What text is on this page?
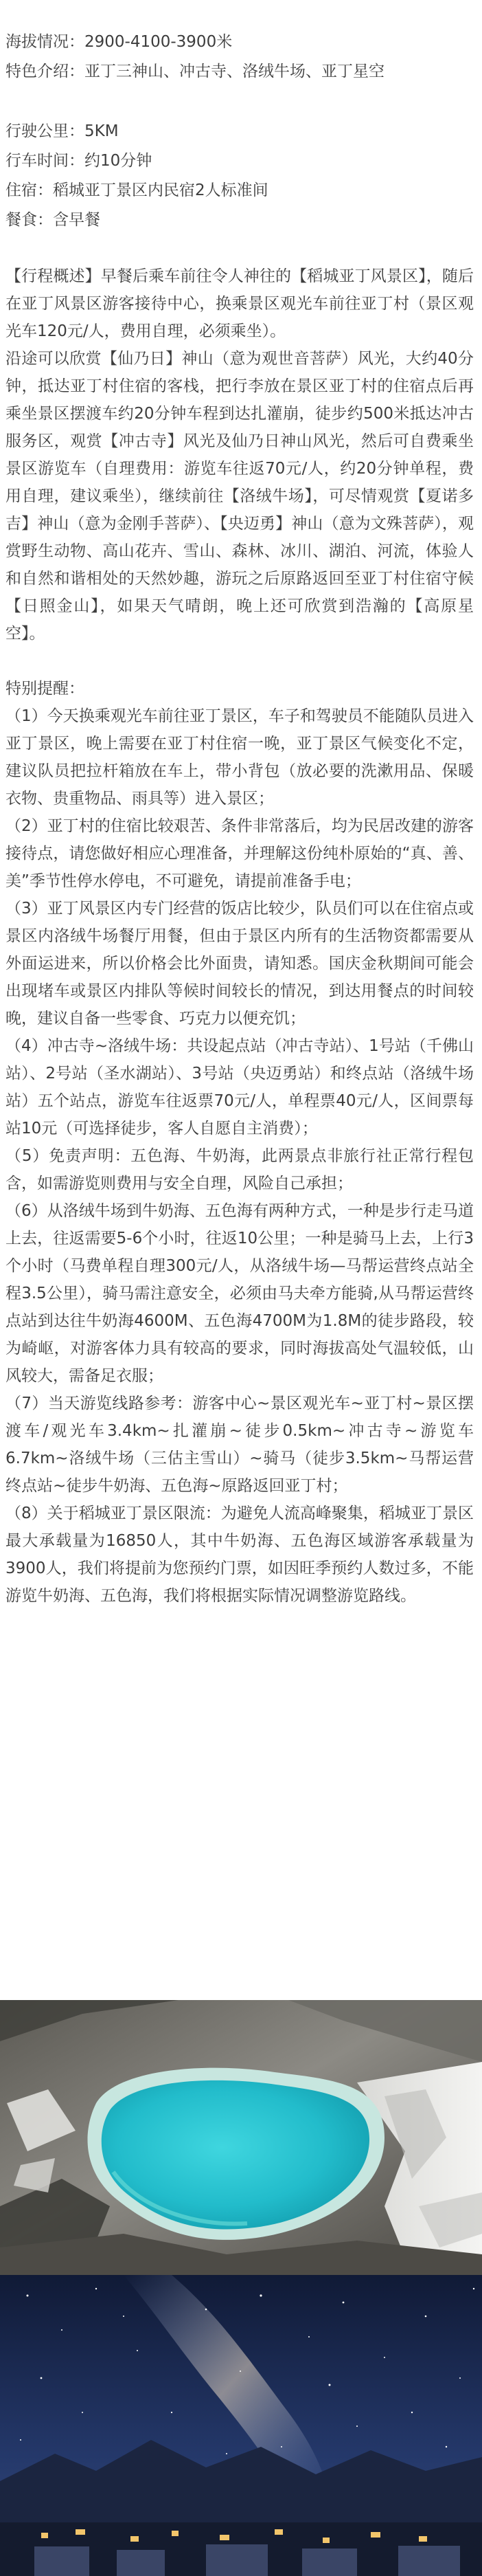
海拔情况：2900-4100-3900米

特色介绍：亚丁三神山、冲古寺、洛绒牛场、亚丁星空

行驶公里：5KM

行车时间：约10分钟

住宿：稻城亚丁景区内民宿2人标准间

餐食：含早餐

【行程概述】早餐后乘车前往令人神往的【稻城亚丁风景区】，随后在亚丁风景区游客接待中心，换乘景区观光车前往亚丁村（景区观光车120元/人，费用自理，必须乘坐）。

沿途可以欣赏【仙乃日】神山（意为观世音菩萨）风光，大约40分钟，抵达亚丁村住宿的客栈，把行李放在景区亚丁村的住宿点后再乘坐景区摆渡车约20分钟车程到达扎灌崩，徒步约500米抵达冲古服务区，观赏【冲古寺】风光及仙乃日神山风光，然后可自费乘坐景区游览车（自理费用：游览车往返70元/人，约20分钟单程，费用自理，建议乘坐），继续前往【洛绒牛场】，可尽情观赏【夏诺多吉】神山（意为金刚手菩萨）、【央迈勇】神山（意为文殊菩萨），观赏野生动物、高山花卉、雪山、森林、冰川、湖泊、河流，体验人和自然和谐相处的天然妙趣，游玩之后原路返回至亚丁村住宿守候【日照金山】，如果天气晴朗，晚上还可欣赏到浩瀚的【高原星空】。

特别提醒：

（1）今天换乘观光车前往亚丁景区，车子和驾驶员不能随队员进入亚丁景区，晚上需要在亚丁村住宿一晚，亚丁景区气候变化不定，建议队员把拉杆箱放在车上，带小背包（放必要的洗漱用品、保暖衣物、贵重物品、雨具等）进入景区；

（2）亚丁村的住宿比较艰苦、条件非常落后，均为民居改建的游客接待点，请您做好相应心理准备，并理解这份纯朴原始的“真、善、美”季节性停水停电，不可避免，请提前准备手电；

（3）亚丁风景区内专门经营的饭店比较少，队员们可以在住宿点或景区内洛绒牛场餐厅用餐，但由于景区内所有的生活物资都需要从外面运进来，所以价格会比外面贵，请知悉。国庆金秋期间可能会出现堵车或景区内排队等候时间较长的情况，到达用餐点的时间较晚，建议自备一些零食、巧克力以便充饥；

（4）冲古寺~洛绒牛场：共设起点站（冲古寺站）、1号站（千佛山站）、2号站（圣水湖站）、3号站（央迈勇站）和终点站（洛绒牛场站）五个站点，游览车往返票70元/人，单程票40元/人，区间票每站10元（可选择徒步，客人自愿自主消费）；

（5）免责声明：五色海、牛奶海，此两景点非旅行社正常行程包含，如需游览则费用与安全自理，风险自己承担；

（6）从洛绒牛场到牛奶海、五色海有两种方式，一种是步行走马道上去，往返需要5-6个小时，往返10公里；一种是骑马上去，上行3个小时（马费单程自理300元/人，从洛绒牛场—马帮运营终点站全程3.5公里），骑马需注意安全，必须由马夫牵方能骑,从马帮运营终点站到达往牛奶海4600M、五色海4700M为1.8M的徒步路段，较为崎岖，对游客体力具有较高的要求，同时海拔高处气温较低，山风较大，需备足衣服；

（7）当天游览线路参考：游客中心~景区观光车~亚丁村~景区摆渡车/观光车3.4km~扎灌崩~徒步0.5km~冲古寺~游览车6.7km~洛绒牛场（三估主雪山）~骑马（徒步3.5km~马帮运营终点站~徒步牛奶海、五色海~原路返回亚丁村；

（8）关于稻城亚丁景区限流：为避免人流高峰聚集，稻城亚丁景区最大承载量为16850人，其中牛奶海、五色海区域游客承载量为3900人，我们将提前为您预约门票，如因旺季预约人数过多，不能游览牛奶海、五色海，我们将根据实际情况调整游览路线。
